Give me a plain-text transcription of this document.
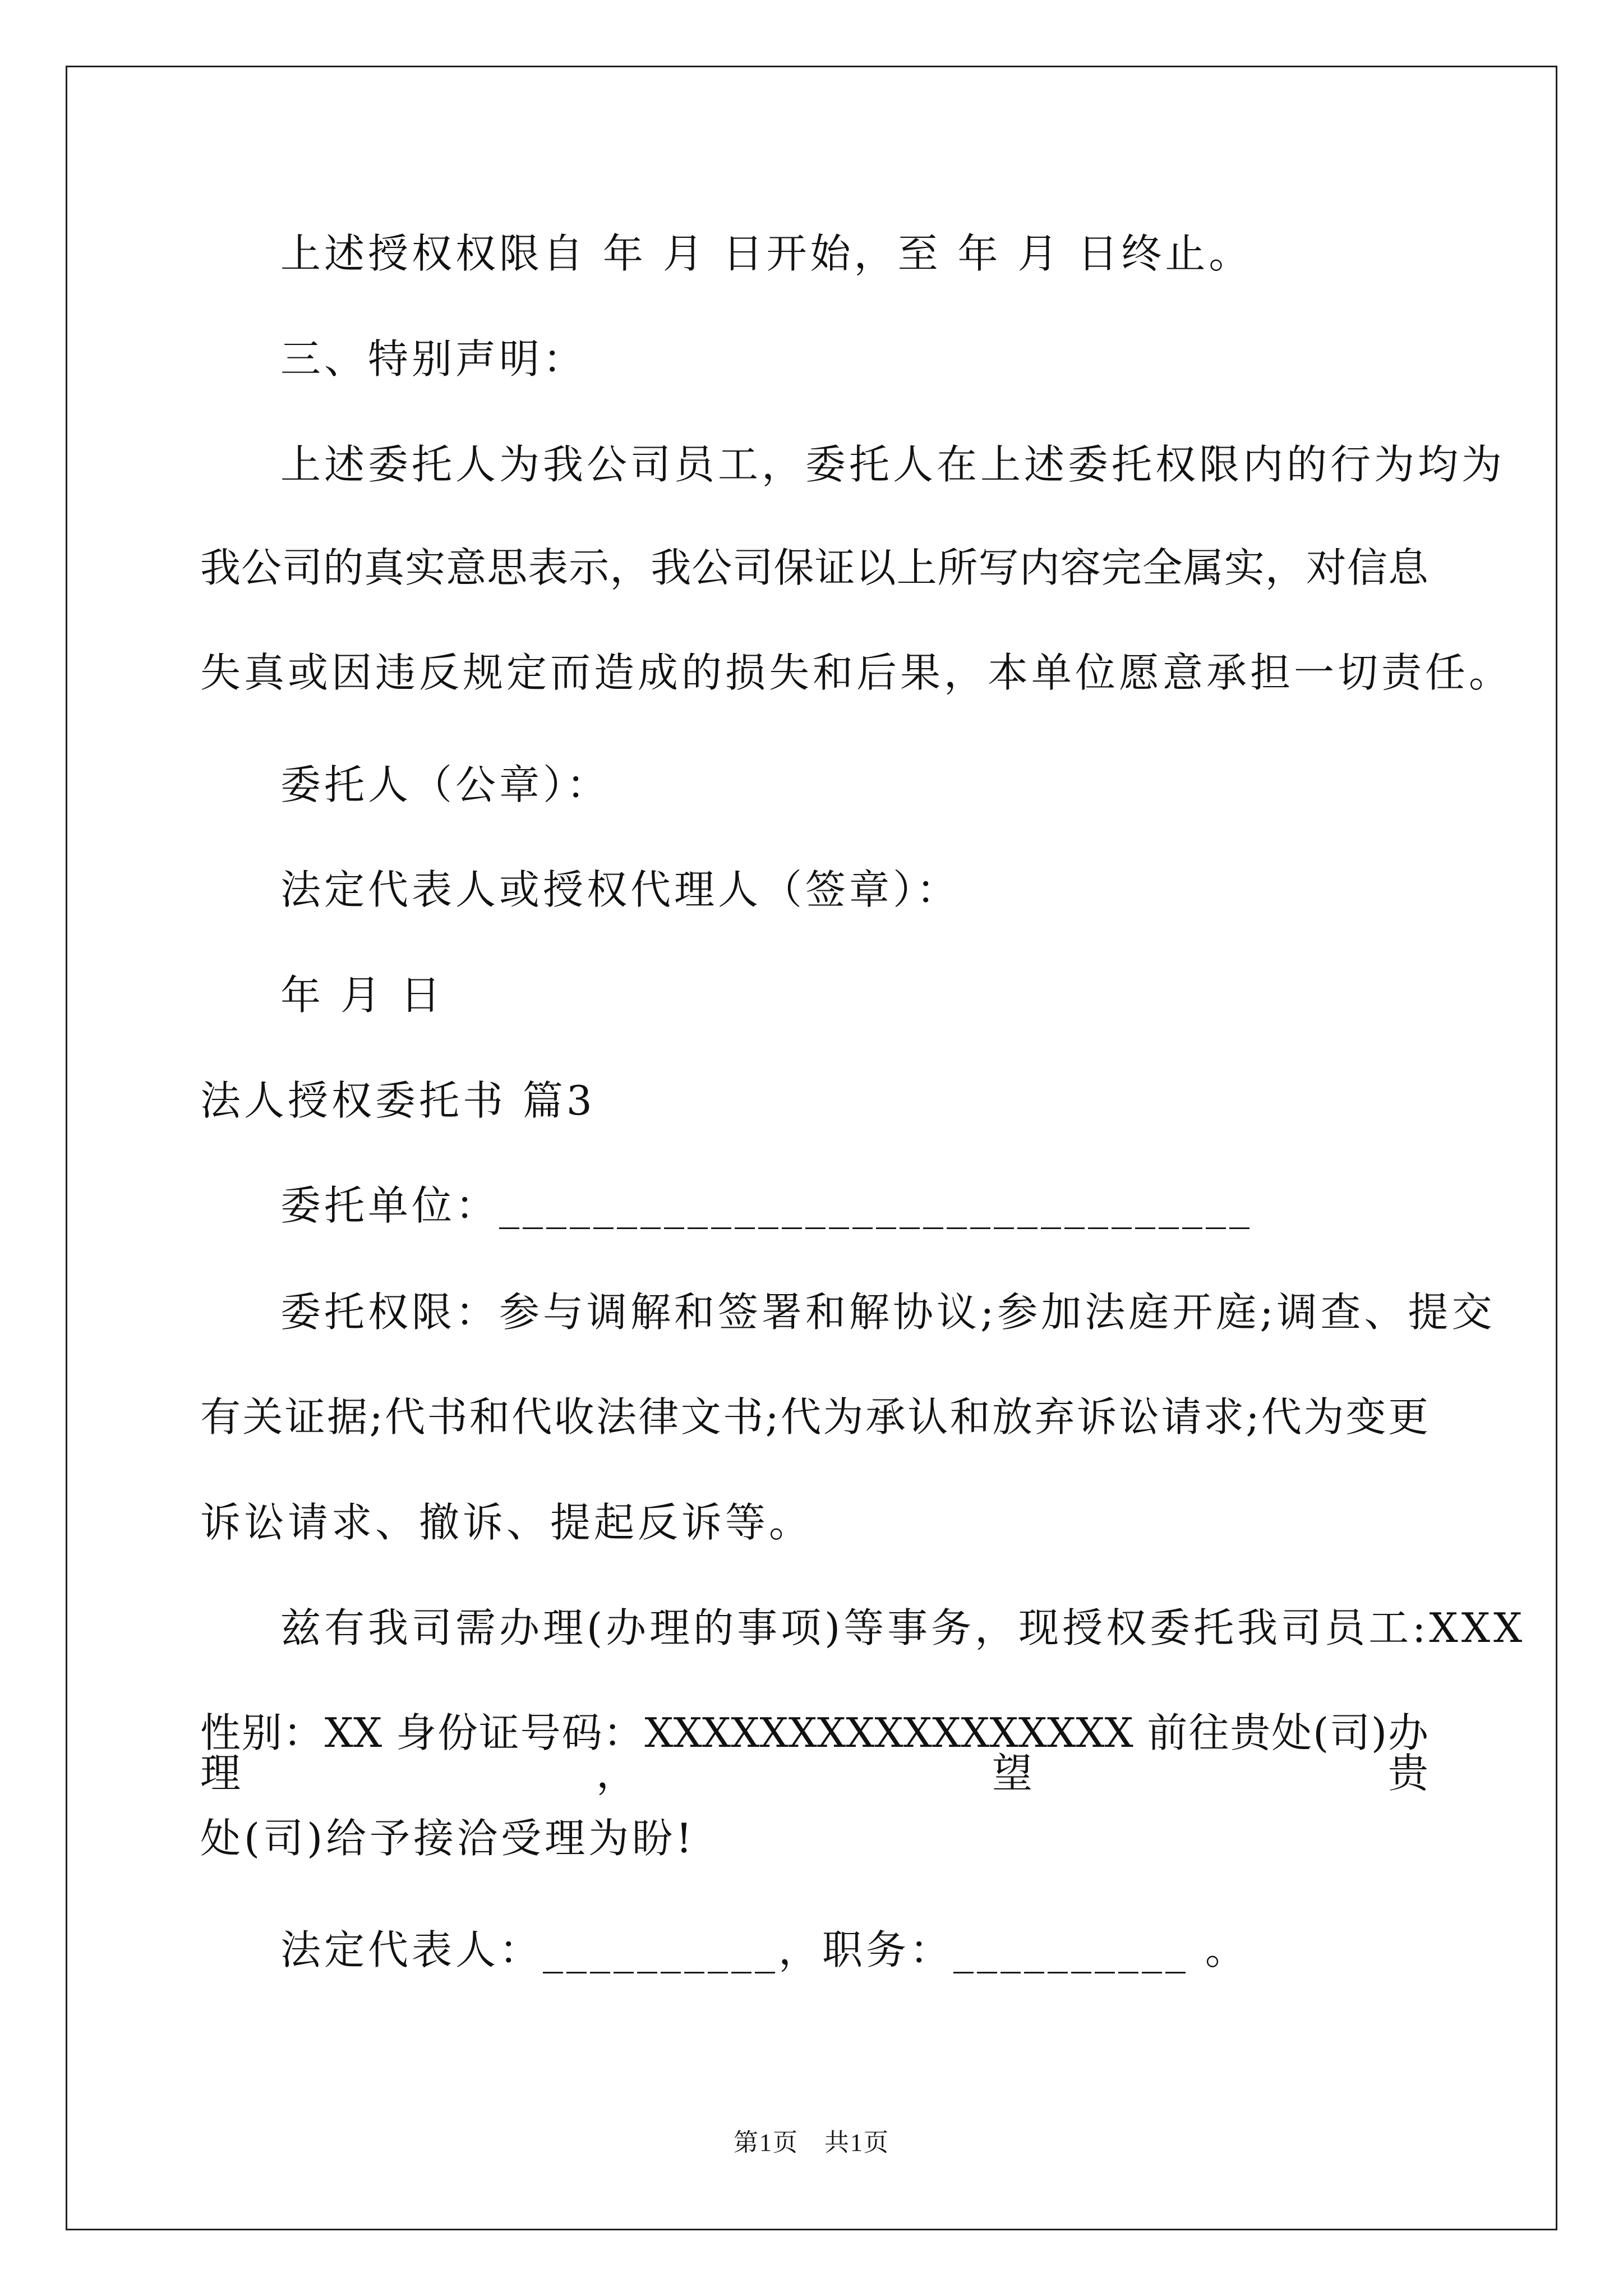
上述授权权限自 年 月 日开始，至 年 月 日终止。
三、特别声明：
上述委托人为我公司员工，委托人在上述委托权限内的行为均为
我公司的真实意思表示，我公司保证以上所写内容完全属实，对信息
失真或因违反规定而造成的损失和后果，本单位愿意承担一切责任。
委托人（公章）：
法定代表人或授权代理人（签章）：
年 月 日
法人授权委托书 篇3
委托单位：________________________________
委托权限：参与调解和签署和解协议;参加法庭开庭;调查、提交
有关证据;代书和代收法律文书;代为承认和放弃诉讼请求;代为变更
诉讼请求、撤诉、提起反诉等。
兹有我司需办理(办理的事项)等事务，现授权委托我司员工:XXX
性别：XX 身份证号码：XXXXXXXXXXXXXXXXX 前往贵处(司)办理，望贵
处(司)给予接洽受理为盼!
法定代表人：__________，职务：__________ 。
第1页　共1页
